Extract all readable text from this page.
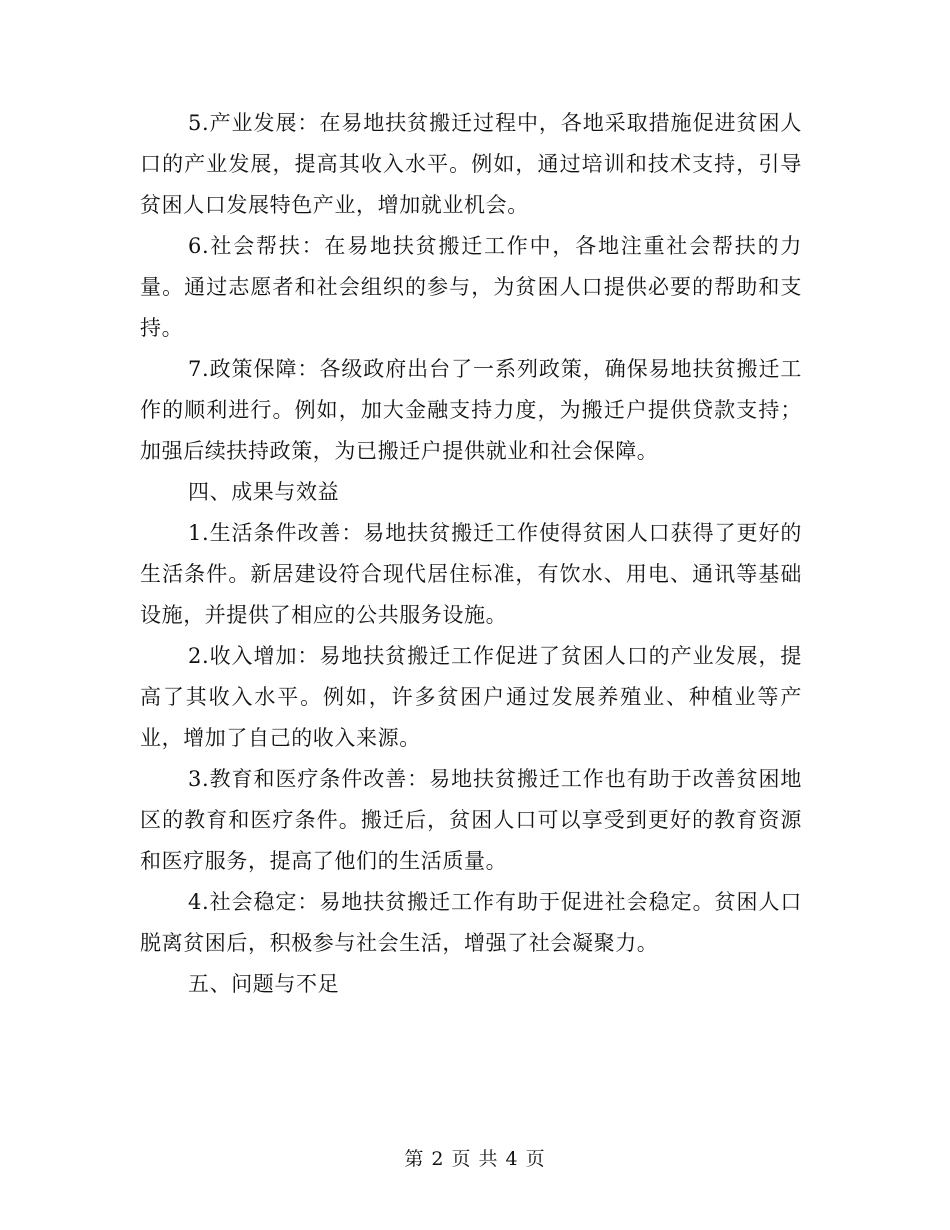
5.产业发展：在易地扶贫搬迁过程中，各地采取措施促进贫困人口的产业发展，提高其收入水平。例如，通过培训和技术支持，引导贫困人口发展特色产业，增加就业机会。

6.社会帮扶：在易地扶贫搬迁工作中，各地注重社会帮扶的力量。通过志愿者和社会组织的参与，为贫困人口提供必要的帮助和支持。

7.政策保障：各级政府出台了一系列政策，确保易地扶贫搬迁工作的顺利进行。例如，加大金融支持力度，为搬迁户提供贷款支持；加强后续扶持政策，为已搬迁户提供就业和社会保障。

四、成果与效益

1.生活条件改善：易地扶贫搬迁工作使得贫困人口获得了更好的生活条件。新居建设符合现代居住标准，有饮水、用电、通讯等基础设施，并提供了相应的公共服务设施。

2.收入增加：易地扶贫搬迁工作促进了贫困人口的产业发展，提高了其收入水平。例如，许多贫困户通过发展养殖业、种植业等产业，增加了自己的收入来源。

3.教育和医疗条件改善：易地扶贫搬迁工作也有助于改善贫困地区的教育和医疗条件。搬迁后，贫困人口可以享受到更好的教育资源和医疗服务，提高了他们的生活质量。

4.社会稳定：易地扶贫搬迁工作有助于促进社会稳定。贫困人口脱离贫困后，积极参与社会生活，增强了社会凝聚力。

五、问题与不足

第 2 页 共 4 页
